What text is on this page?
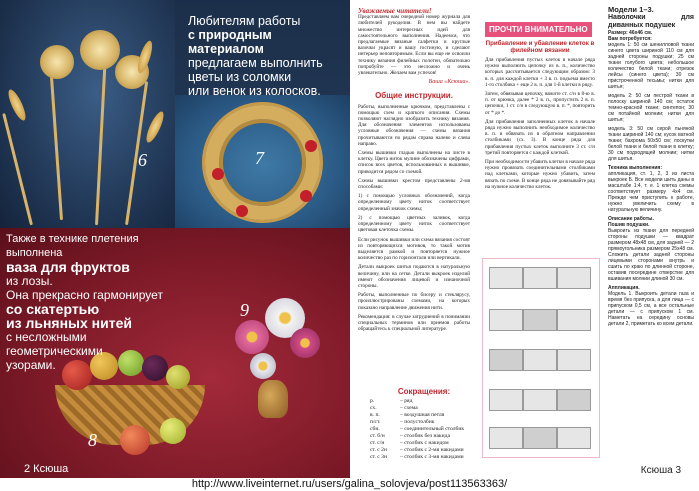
Любителям работы
с природным материалом
предлагаем выполнить
цветы из соломки
или венок из колосков.
Также в технике плетения выполнена
ваза для фруктов
из лозы.
Она прекрасно гармонирует
со скатертью
из льняных нитей
с несложными
геометрическими
узорами.
6	7
8
9
2 Ксюша
Уважаемые читатели!

Представляем вам очередной номер журнала для любителей рукоделия. В нем вы найдете множество интересных идей для самостоятельного выполнения. Надеемся, что предлагаемые вязаные салфетки и круглые вазочки украсят и вашу гостиную, и сделают интерьер неповторимым. Если вы еще не освоили технику вязания филейных полотен, обязательно попробуйте — это несложно и очень увлекательно. Желаем вам успехов!

Ваша «Ксюша».
Общие инструкции.

Работы, выполненные крючком, представлены с помощью схем и краткого описания. Схемы позволяют наглядно изобразить технику вязания. Для обозначения элементов использованы условные обозначения — схемы вязания прочитываются по рядам справа налево и слева направо.

Схемы вышивки гладью выполнены на листе в клетку. Цвета ниток мулине обозначены цифрами, список всех цветов, использованных в вышивке, приводится рядом со схемой.

Схемы вышивки крестом представлены 2-мя способами:

1) с помощью условных обозначений, когда определенному цвету ниток соответствует определенный значок схемы;

2) с помощью цветных заливок, когда определенному цвету ниток соответствует цветовая клеточка схемы.

Если рисунок вышивки или схема вязания состоят из повторяющихся мотивов, то такой мотив выделяется рамкой и повторяется нужное количество раз по горизонтали или вертикали.

Детали выкроек шитья подаются в натуральную величину, или на сетке. Детали выкроек изделий имеют обозначения лицевой и изнаночной стороны.

Работы, выполненные по бисеру и стеклярусу, проиллюстрированы схемами, на которых показано направление движения нити.

Рекомендация: в случае затруднений в понимании специальных терминов или приемов работы обращайтесь к специальной литературе.

Сокращения:
р.	– ряд
сх.	– схема
в. п.	– воздушная петля
п/ст.	– полустолбик
сбн.	– соединительный столбик
ст. б/н	– столбик без накида
ст. с/н	– столбик с накидом
ст. с 2н	– столбик с 2-мя накидами
ст. с 3н	– столбик с 3-мя накидами
ПРОЧТИ ВНИМАТЕЛЬНО
Прибавление и убавление клеток в филейном вязании

Для прибавления пустых клеток в начале ряда нужно выполнить цепочку из в. п., количество которых рассчитывается следующим образом: 3 в. п. для каждой клетки + 3 в. п. подъема вместо 1-го столбика + еще 2 в. п. для 1-й клетки в ряду.

Затем, обвязывая цепочку, вяжите ст. с/н в 8-ю в. п. от крючка, далее * 2 в. п., пропустить 2 в. п. цепочки, 1 ст. с/н в следующую в. п. *, повторить от * до *.

Для прибавления заполненных клеток в начале ряда нужно выполнить необходимое количество в. п. и обвязать их в обратном направлении столбиками (сх. 3). В конце ряда для прибавления пустых клеток выполните 3 ст. с/н третий повторяется с каждой клеткой.

При необходимости убавить клетки в начале ряда нужно провязать соединительными столбиками над клетками, которые нужно убавить, затем вязать по схеме. В конце ряда не довязывайте ряд на нужное количество клеток.

Модели 1–3.
Наволочки для диванных подушек
Размер: 46х46 см.
Вам потребуется:

модель 1: 50 см шенилловой ткани синего цвета шириной 110 см для задней стороны подушки; 25 см ткани голубого цвета; небольшое количество белой ткани; отрезок лейсы (синего цвета); 30 см пристроченной тесьмы; нитки для шитья;

модель 2: 50 см пестрой ткани в полоску шириной 140 см; остаток темно-красной ткани; синтепон; 30 см потайной молнии; нитки для шитья;

модель 3: 50 см серой льняной ткани шириной 140 см; кусок ватной ткани; бахрома 50х50 см; лоскутки белой ткани и белой ткани в клетку; 30 см подходящей молнии; нитки для шитья.

Техника выполнения:

аппликация, ст. 1, 2, 3 из листа выкроек Б. Все модели шить даны в масштабе 1:4, т. е. 1 клетка схемы соответствует размеру 4х4 см. Прежде чем приступить к работе, нужно увеличить схему в натуральную величину.

Описание работы.
Пошив подушки.

Выкроить из ткани для передней стороны подушки — квадрат размером 48х48 см, для задней — 2 прямоугольника размером 25х48 см. Сложить детали задней стороны лицевыми сторонами внутрь и сшить по краю по длинной стороне, оставив посередине отверстие для вшивания молнии длиной 30 см.

Аппликация.

Модель 1. Выкроить детали газа и время без припуска, а для лица — с припуском 0,5 см, а все остальные детали — с припуском 1 см. Наметать на середину основы детали 2, приметать ко всем детали.

Ксюша 3
http://www.liveinternet.ru/users/galina_solovjeva/post113563363/
